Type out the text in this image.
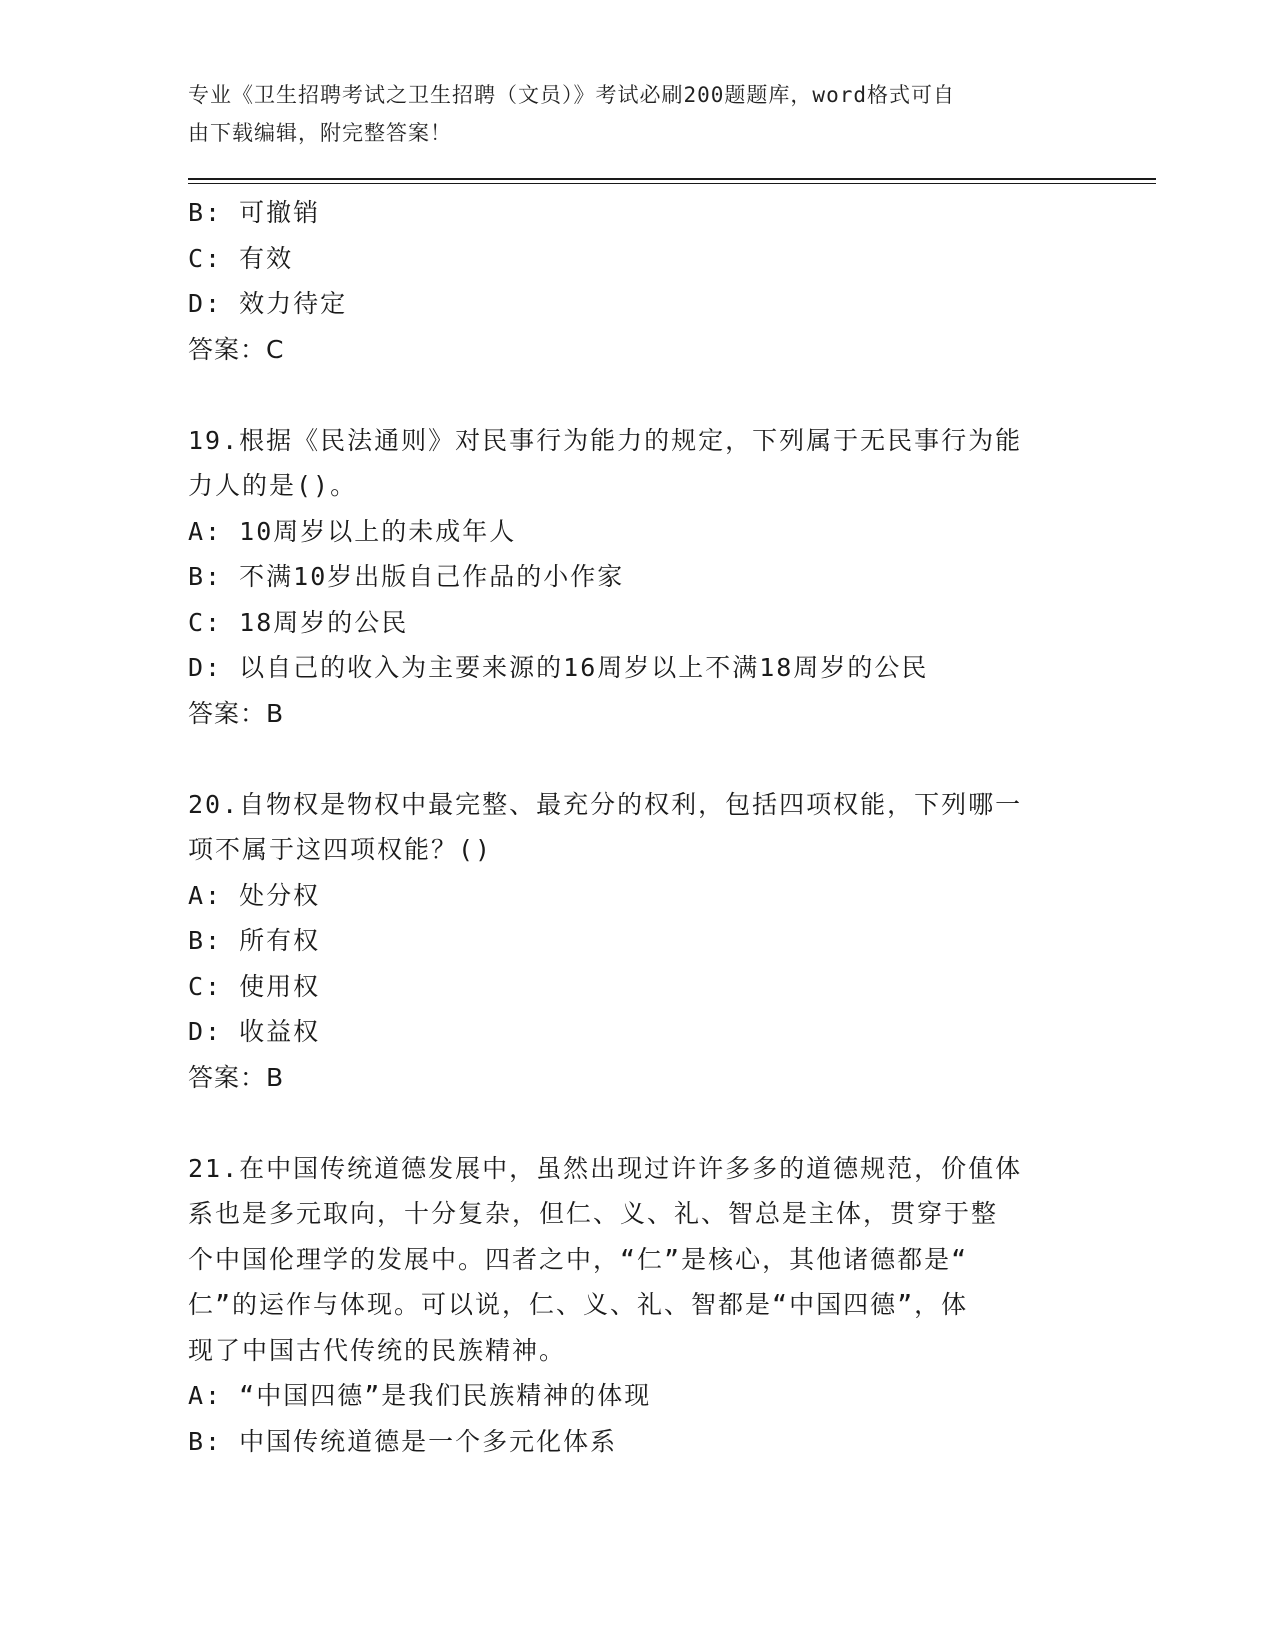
专业《卫生招聘考试之卫生招聘（文员）》考试必刷200题题库，word格式可自
由下载编辑，附完整答案！
B: 可撤销
C: 有效
D: 效力待定
答案：C
19.根据《民法通则》对民事行为能力的规定，下列属于无民事行为能
力人的是()。
A: 10周岁以上的未成年人
B: 不满10岁出版自己作品的小作家
C: 18周岁的公民
D: 以自己的收入为主要来源的16周岁以上不满18周岁的公民
答案：B
20.自物权是物权中最完整、最充分的权利，包括四项权能，下列哪一
项不属于这四项权能？()
A: 处分权
B: 所有权
C: 使用权
D: 收益权
答案：B
21.在中国传统道德发展中，虽然出现过许许多多的道德规范，价值体
系也是多元取向，十分复杂，但仁、义、礼、智总是主体，贯穿于整
个中国伦理学的发展中。四者之中，“仁”是核心，其他诸德都是“
仁”的运作与体现。可以说，仁、义、礼、智都是“中国四德”，体
现了中国古代传统的民族精神。
A: “中国四德”是我们民族精神的体现
B: 中国传统道德是一个多元化体系
